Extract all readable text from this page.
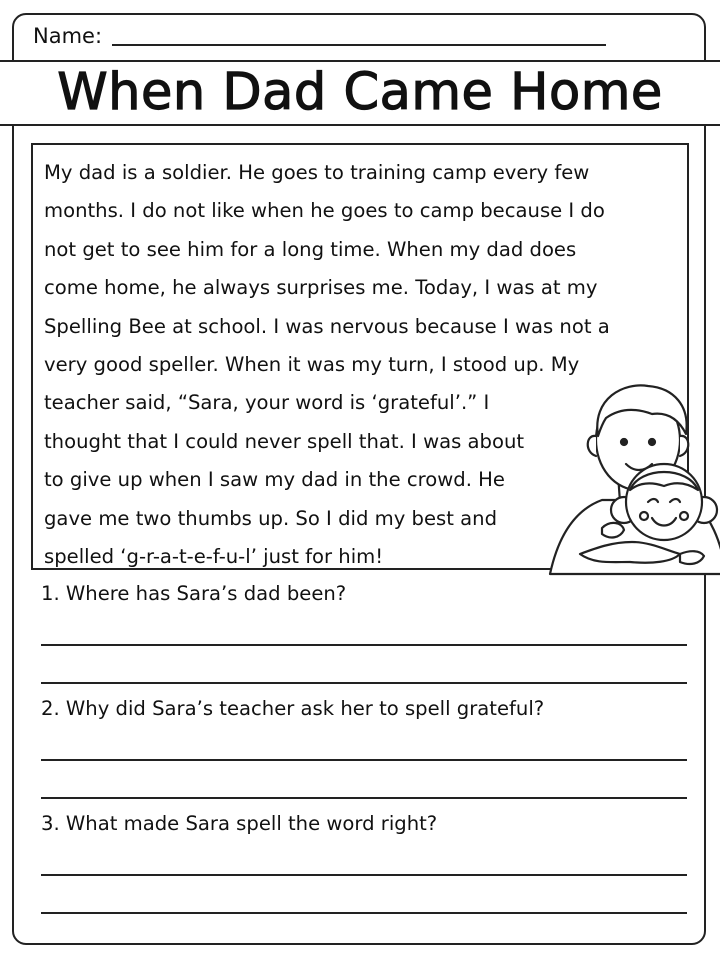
Name:
When Dad Came Home
My dad is a soldier. He goes to training camp every few
months. I do not like when he goes to camp because I do
not get to see him for a long time. When my dad does
come home, he always surprises me. Today, I was at my
Spelling Bee at school. I was nervous because I was not a
very good speller. When it was my turn, I stood up. My
teacher said, “Sara, your word is ‘grateful’.” I
thought that I could never spell that. I was about
to give up when I saw my dad in the crowd. He
gave me two thumbs up. So I did my best and
spelled ‘g-r-a-t-e-f-u-l’ just for him!
1. Where has Sara’s dad been?
2. Why did Sara’s teacher ask her to spell grateful?
3. What made Sara spell the word right?
